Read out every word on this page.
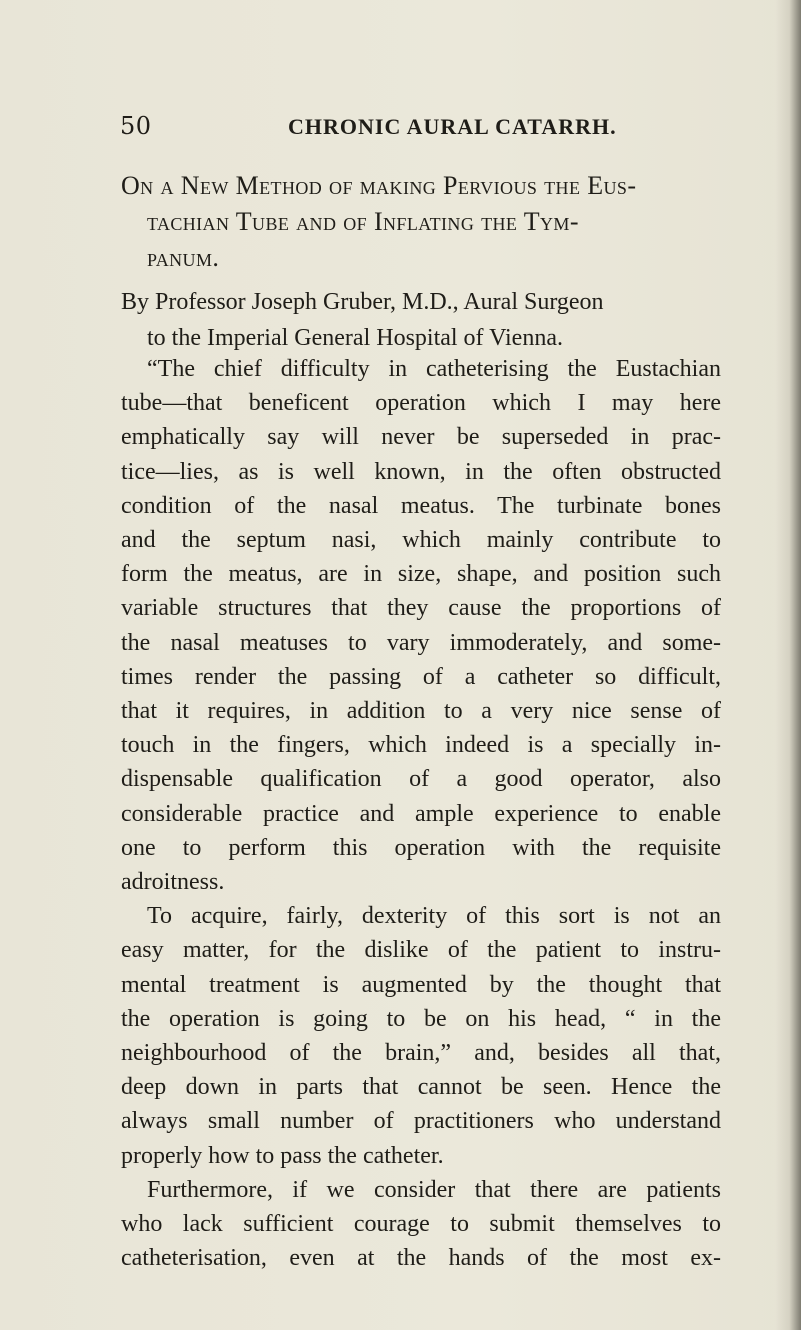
50	CHRONIC AURAL CATARRH.
On a New Method of making Pervious the Eus-
tachian Tube and of Inflating the Tym-
panum.
By Professor Joseph Gruber, M.D., Aural Surgeon
to the Imperial General Hospital of Vienna.
“The chief difficulty in catheterising the Eustachian
tube—that beneficent operation which I may here
emphatically say will never be superseded in prac-
tice—lies, as is well known, in the often obstructed
condition of the nasal meatus. The turbinate bones
and the septum nasi, which mainly contribute to
form the meatus, are in size, shape, and position such
variable structures that they cause the proportions of
the nasal meatuses to vary immoderately, and some-
times render the passing of a catheter so difficult,
that it requires, in addition to a very nice sense of
touch in the fingers, which indeed is a specially in-
dispensable qualification of a good operator, also
considerable practice and ample experience to enable
one to perform this operation with the requisite
adroitness.
To acquire, fairly, dexterity of this sort is not an
easy matter, for the dislike of the patient to instru-
mental treatment is augmented by the thought that
the operation is going to be on his head, “ in the
neighbourhood of the brain,” and, besides all that,
deep down in parts that cannot be seen. Hence the
always small number of practitioners who understand
properly how to pass the catheter.
Furthermore, if we consider that there are patients
who lack sufficient courage to submit themselves to
catheterisation, even at the hands of the most ex-
